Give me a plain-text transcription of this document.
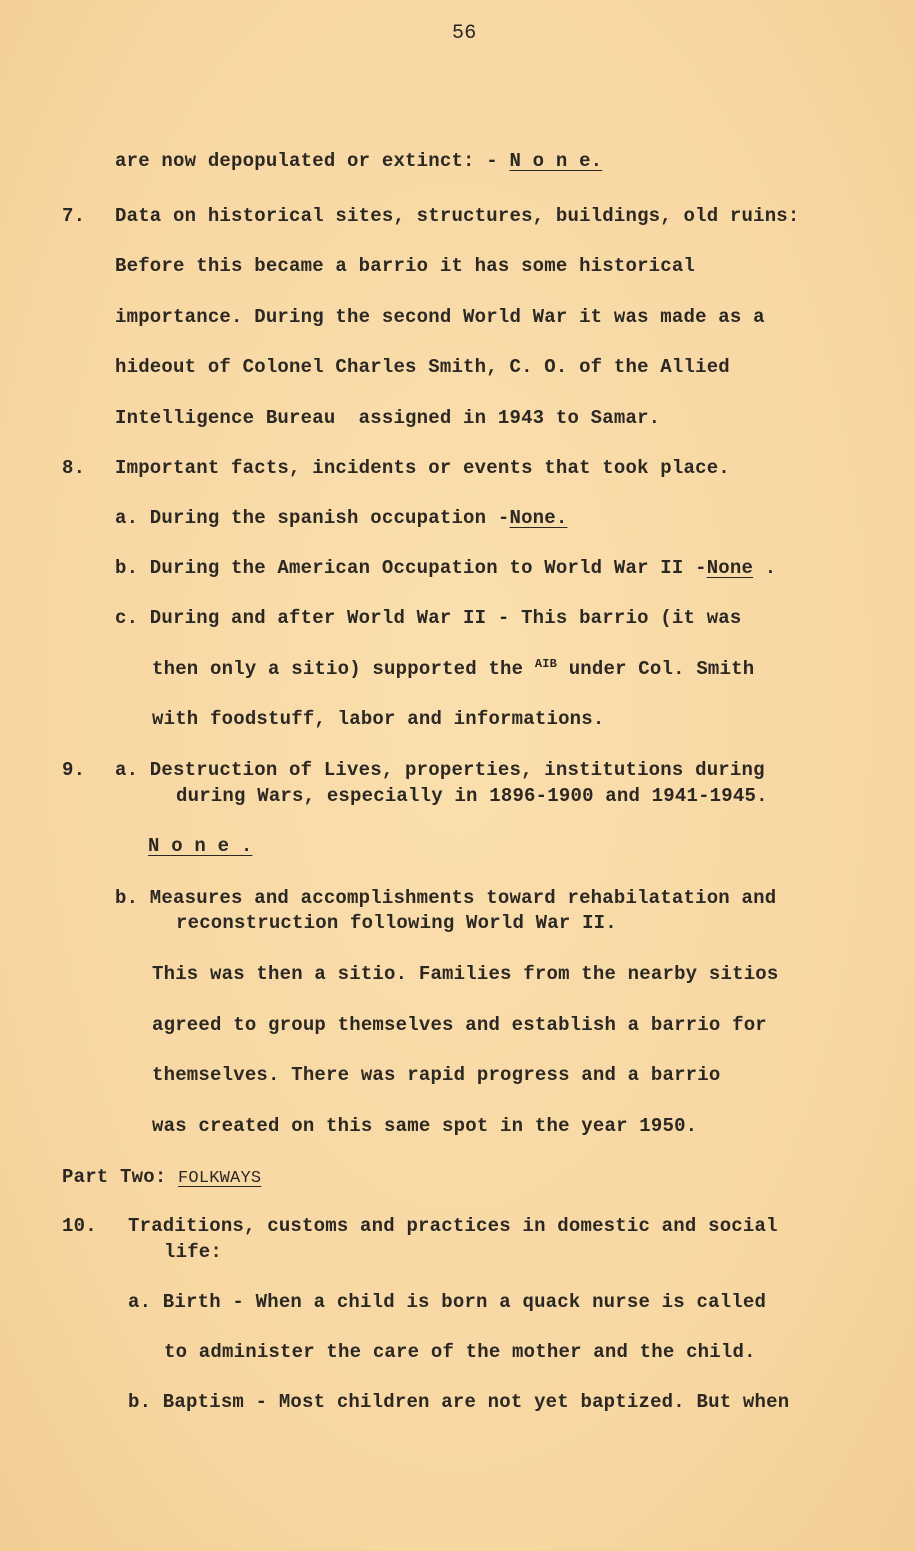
56
are now depopulated or extinct: - N o n e.
7. Data on historical sites, structures, buildings, old ruins:
Before this became a barrio it has some historical
importance. During the second World War it was made as a
hideout of Colonel Charles Smith, C. O. of the Allied
Intelligence Bureau  assigned in 1943 to Samar.
8. Important facts, incidents or events that took place.
a. During the spanish occupation -None.
b. During the American Occupation to World War II -None .
c. During and after World War II - This barrio (it was
then only a sitio) supported the $^{AIB}$ under Col. Smith
with foodstuff, labor and informations.
9. a. Destruction of Lives, properties, institutions during
during Wars, especially in 1896-1900 and 1941-1945.
N o n e .
b. Measures and accomplishments toward rehabilatation and
reconstruction following World War II.
This was then a sitio. Families from the nearby sitios
agreed to group themselves and establish a barrio for
themselves. There was rapid progress and a barrio
was created on this same spot in the year 1950.
Part Two: FOLKWAYS
10. Traditions, customs and practices in domestic and social
life:
a. Birth - When a child is born a quack nurse is called
to administer the care of the mother and the child.
b. Baptism - Most children are not yet baptized. But when
